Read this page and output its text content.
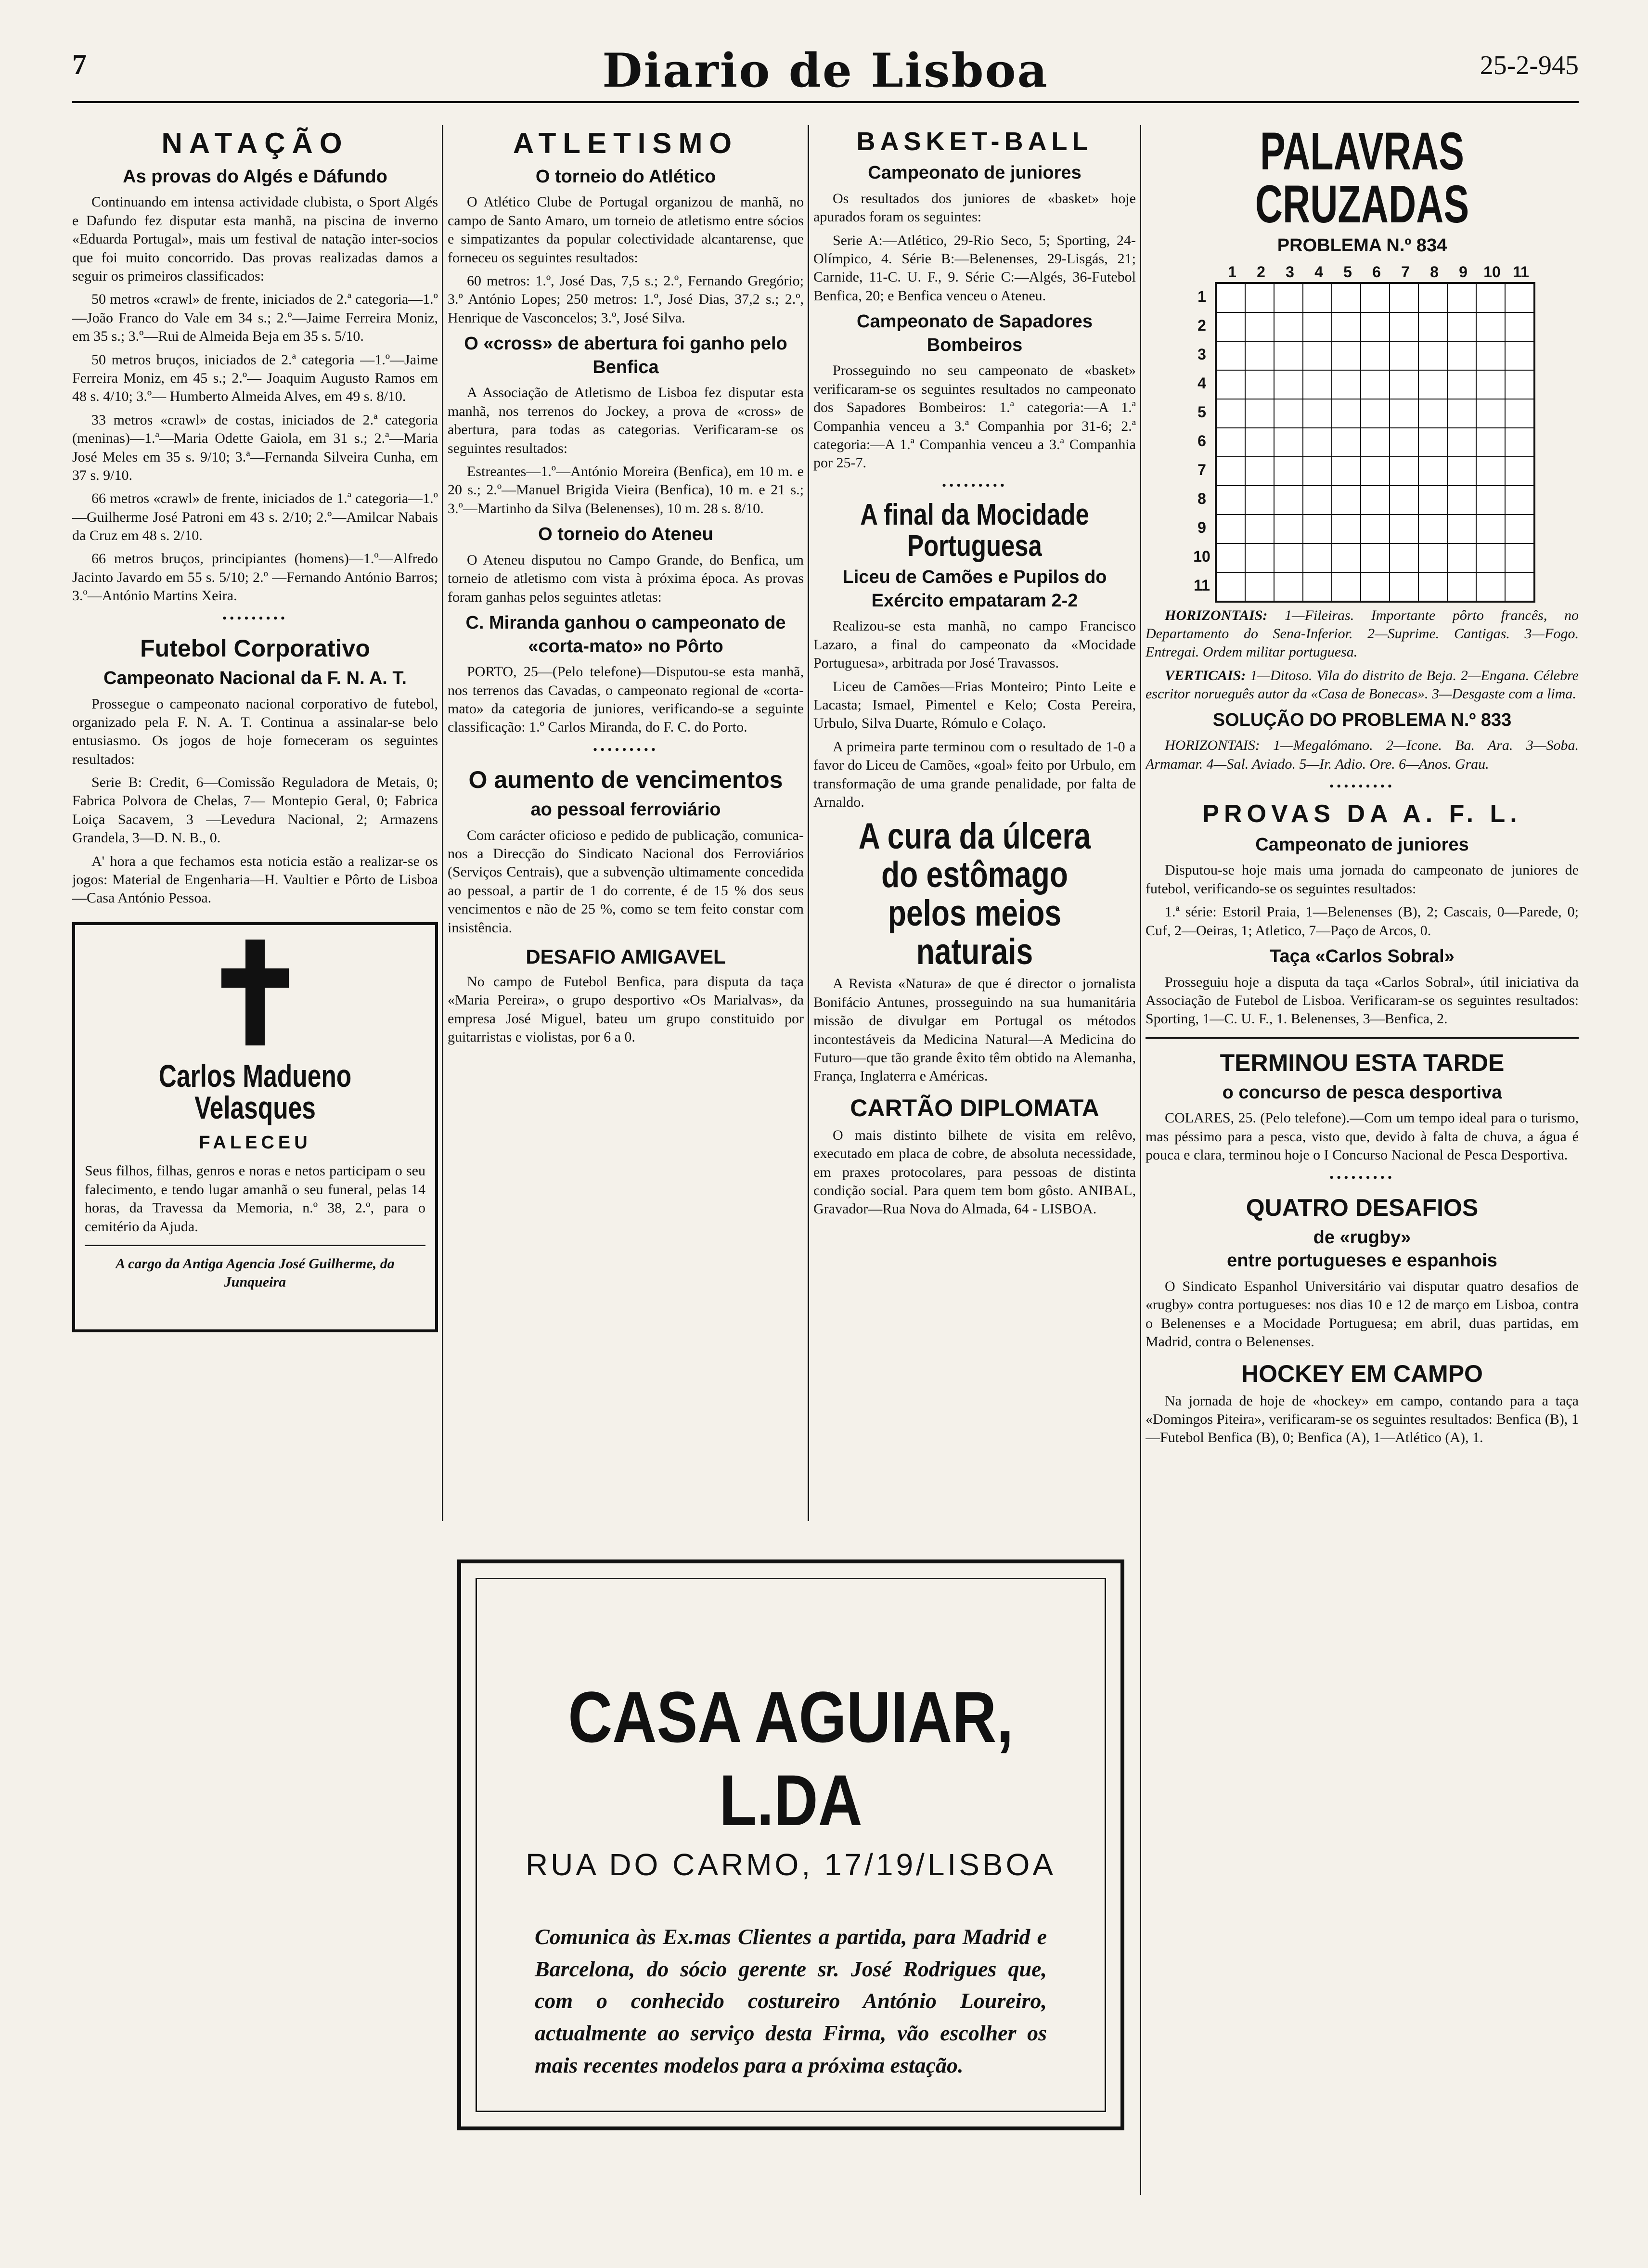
7	Diario de Lisboa	25-2-945
NATAÇÃO
As provas do Algés e Dáfundo

Continuando em intensa actividade clubista, o Sport Algés e Dafundo fez disputar esta manhã, na piscina de inverno «Eduarda Portugal», mais um festival de natação inter-socios que foi muito concorrido. Das provas realizadas damos a seguir os primeiros classificados:

50 metros «crawl» de frente, iniciados de 2.ª categoria—1.º—João Franco do Vale em 34 s.; 2.º—Jaime Ferreira Moniz, em 35 s.; 3.º—Rui de Almeida Beja em 35 s. 5/10.

50 metros bruços, iniciados de 2.ª categoria —1.º—Jaime Ferreira Moniz, em 45 s.; 2.º— Joaquim Augusto Ramos em 48 s. 4/10; 3.º— Humberto Almeida Alves, em 49 s. 8/10.

33 metros «crawl» de costas, iniciados de 2.ª categoria (meninas)—1.ª—Maria Odette Gaiola, em 31 s.; 2.ª—Maria José Meles em 35 s. 9/10; 3.ª—Fernanda Silveira Cunha, em 37 s. 9/10.

66 metros «crawl» de frente, iniciados de 1.ª categoria—1.º—Guilherme José Patroni em 43 s. 2/10; 2.º—Amilcar Nabais da Cruz em 48 s. 2/10.

66 metros bruços, principiantes (homens)—1.º—Alfredo Jacinto Javardo em 55 s. 5/10; 2.º —Fernando António Barros; 3.º—António Martins Xeira.

•••••••••
Futebol Corporativo
Campeonato Nacional da F. N. A. T.

Prossegue o campeonato nacional corporativo de futebol, organizado pela F. N. A. T. Continua a assinalar-se belo entusiasmo. Os jogos de hoje forneceram os seguintes resultados:

Serie B: Credit, 6—Comissão Reguladora de Metais, 0; Fabrica Polvora de Chelas, 7— Montepio Geral, 0; Fabrica Loiça Sacavem, 3 —Levedura Nacional, 2; Armazens Grandela, 3—D. N. B., 0.

A' hora a que fechamos esta noticia estão a realizar-se os jogos: Material de Engenharia—H. Vaultier e Pôrto de Lisboa—Casa António Pessoa.

Carlos Madueno Velasques
FALECEU

Seus filhos, filhas, genros e noras e netos participam o seu falecimento, e tendo lugar amanhã o seu funeral, pelas 14 horas, da Travessa da Memoria, n.º 38, 2.º, para o cemitério da Ajuda.

A cargo da Antiga Agencia José Guilherme, da Junqueira
ATLETISMO
O torneio do Atlético

O Atlético Clube de Portugal organizou de manhã, no campo de Santo Amaro, um torneio de atletismo entre sócios e simpatizantes da popular colectividade alcantarense, que forneceu os seguintes resultados:

60 metros: 1.º, José Das, 7,5 s.; 2.º, Fernando Gregório; 3.º António Lopes; 250 metros: 1.º, José Dias, 37,2 s.; 2.º, Henrique de Vasconcelos; 3.º, José Silva.

O «cross» de abertura foi ganho pelo Benfica

A Associação de Atletismo de Lisboa fez disputar esta manhã, nos terrenos do Jockey, a prova de «cross» de abertura, para todas as categorias. Verificaram-se os seguintes resultados:

Estreantes—1.º—António Moreira (Benfica), em 10 m. e 20 s.; 2.º—Manuel Brigida Vieira (Benfica), 10 m. e 21 s.; 3.º—Martinho da Silva (Belenenses), 10 m. 28 s. 8/10.

O torneio do Ateneu

O Ateneu disputou no Campo Grande, do Benfica, um torneio de atletismo com vista à próxima época. As provas foram ganhas pelos seguintes atletas:

C. Miranda ganhou o campeonato de «corta-mato» no Pôrto

PORTO, 25—(Pelo telefone)—Disputou-se esta manhã, nos terrenos das Cavadas, o campeonato regional de «corta-mato» da categoria de juniores, verificando-se a seguinte classificação: 1.º Carlos Miranda, do F. C. do Porto.

•••••••••
O aumento de vencimentos
ao pessoal ferroviário

Com carácter oficioso e pedido de publicação, comunica-nos a Direcção do Sindicato Nacional dos Ferroviários (Serviços Centrais), que a subvenção ultimamente concedida ao pessoal, a partir de 1 do corrente, é de 15 % dos seus vencimentos e não de 25 %, como se tem feito constar com insistência.

DESAFIO AMIGAVEL

No campo de Futebol Benfica, para disputa da taça «Maria Pereira», o grupo desportivo «Os Marialvas», da empresa José Miguel, bateu um grupo constituido por guitarristas e violistas, por 6 a 0.

BASKET-BALL
Campeonato de juniores

Os resultados dos juniores de «basket» hoje apurados foram os seguintes:

Serie A:—Atlético, 29-Rio Seco, 5; Sporting, 24-Olímpico, 4. Série B:—Belenenses, 29-Lisgás, 21; Carnide, 11-C. U. F., 9. Série C:—Algés, 36-Futebol Benfica, 20; e Benfica venceu o Ateneu.

Campeonato de Sapadores Bombeiros

Prosseguindo no seu campeonato de «basket» verificaram-se os seguintes resultados no campeonato dos Sapadores Bombeiros: 1.ª categoria:—A 1.ª Companhia venceu a 3.ª Companhia por 31-6; 2.ª categoria:—A 1.ª Companhia venceu a 3.ª Companhia por 25-7.

•••••••••
A final da Mocidade Portuguesa
Liceu de Camões e Pupilos do Exército empataram 2-2

Realizou-se esta manhã, no campo Francisco Lazaro, a final do campeonato da «Mocidade Portuguesa», arbitrada por José Travassos.

Liceu de Camões—Frias Monteiro; Pinto Leite e Lacasta; Ismael, Pimentel e Kelo; Costa Pereira, Urbulo, Silva Duarte, Rómulo e Colaço.

A primeira parte terminou com o resultado de 1-0 a favor do Liceu de Camões, «goal» feito por Urbulo, em transformação de uma grande penalidade, por falta de Arnaldo.

A cura da úlcera do estômago pelos meios naturais

A Revista «Natura» de que é director o jornalista Bonifácio Antunes, prosseguindo na sua humanitária missão de divulgar em Portugal os métodos incontestáveis da Medicina Natural—A Medicina do Futuro—que tão grande êxito têm obtido na Alemanha, França, Inglaterra e Américas.

CARTÃO DIPLOMATA

O mais distinto bilhete de visita em relêvo, executado em placa de cobre, de absoluta necessidade, em praxes protocolares, para pessoas de distinta condição social. Para quem tem bom gôsto. ANIBAL, Gravador—Rua Nova do Almada, 64 - LISBOA.

PALAVRAS CRUZADAS
PROBLEMA N.º 834
1	2	3	4	5	6	7	8	9	10 11
1
2
3
4
5
6
7
8
9
10
11

HORIZONTAIS: 1—Fileiras. Importante pôrto francês, no Departamento do Sena-Inferior. 2—Suprime. Cantigas. 3—Fogo. Entregai. Ordem militar portuguesa.

VERTICAIS: 1—Ditoso. Vila do distrito de Beja. 2—Engana. Célebre escritor norueguês autor da «Casa de Bonecas». 3—Desgaste com a lima.

SOLUÇÃO DO PROBLEMA N.º 833

HORIZONTAIS: 1—Megalómano. 2—Icone. Ba. Ara. 3—Soba. Armamar. 4—Sal. Aviado. 5—Ir. Adio. Ore. 6—Anos. Grau.

•••••••••
PROVAS DA A. F. L.
Campeonato de juniores

Disputou-se hoje mais uma jornada do campeonato de juniores de futebol, verificando-se os seguintes resultados:

1.ª série: Estoril Praia, 1—Belenenses (B), 2; Cascais, 0—Parede, 0; Cuf, 2—Oeiras, 1; Atletico, 7—Paço de Arcos, 0.

Taça «Carlos Sobral»

Prosseguiu hoje a disputa da taça «Carlos Sobral», útil iniciativa da Associação de Futebol de Lisboa. Verificaram-se os seguintes resultados: Sporting, 1—C. U. F., 1. Belenenses, 3—Benfica, 2.

TERMINOU ESTA TARDE
o concurso de pesca desportiva

COLARES, 25. (Pelo telefone).—Com um tempo ideal para o turismo, mas péssimo para a pesca, visto que, devido à falta de chuva, a água é pouca e clara, terminou hoje o I Concurso Nacional de Pesca Desportiva.

•••••••••
QUATRO DESAFIOS
de «rugby»
entre portugueses e espanhois

O Sindicato Espanhol Universitário vai disputar quatro desafios de «rugby» contra portugueses: nos dias 10 e 12 de março em Lisboa, contra o Belenenses e a Mocidade Portuguesa; em abril, duas partidas, em Madrid, contra o Belenenses.

HOCKEY EM CAMPO

Na jornada de hoje de «hockey» em campo, contando para a taça «Domingos Piteira», verificaram-se os seguintes resultados: Benfica (B), 1—Futebol Benfica (B), 0; Benfica (A), 1—Atlético (A), 1.

CASA AGUIAR, L.DA
RUA DO CARMO, 17/19/LISBOA
Comunica às Ex.mas Clientes a partida, para Madrid e Barcelona, do sócio gerente sr. José Rodrigues que, com o conhecido costureiro António Loureiro, actualmente ao serviço desta Firma, vão escolher os mais recentes modelos para a próxima estação.
